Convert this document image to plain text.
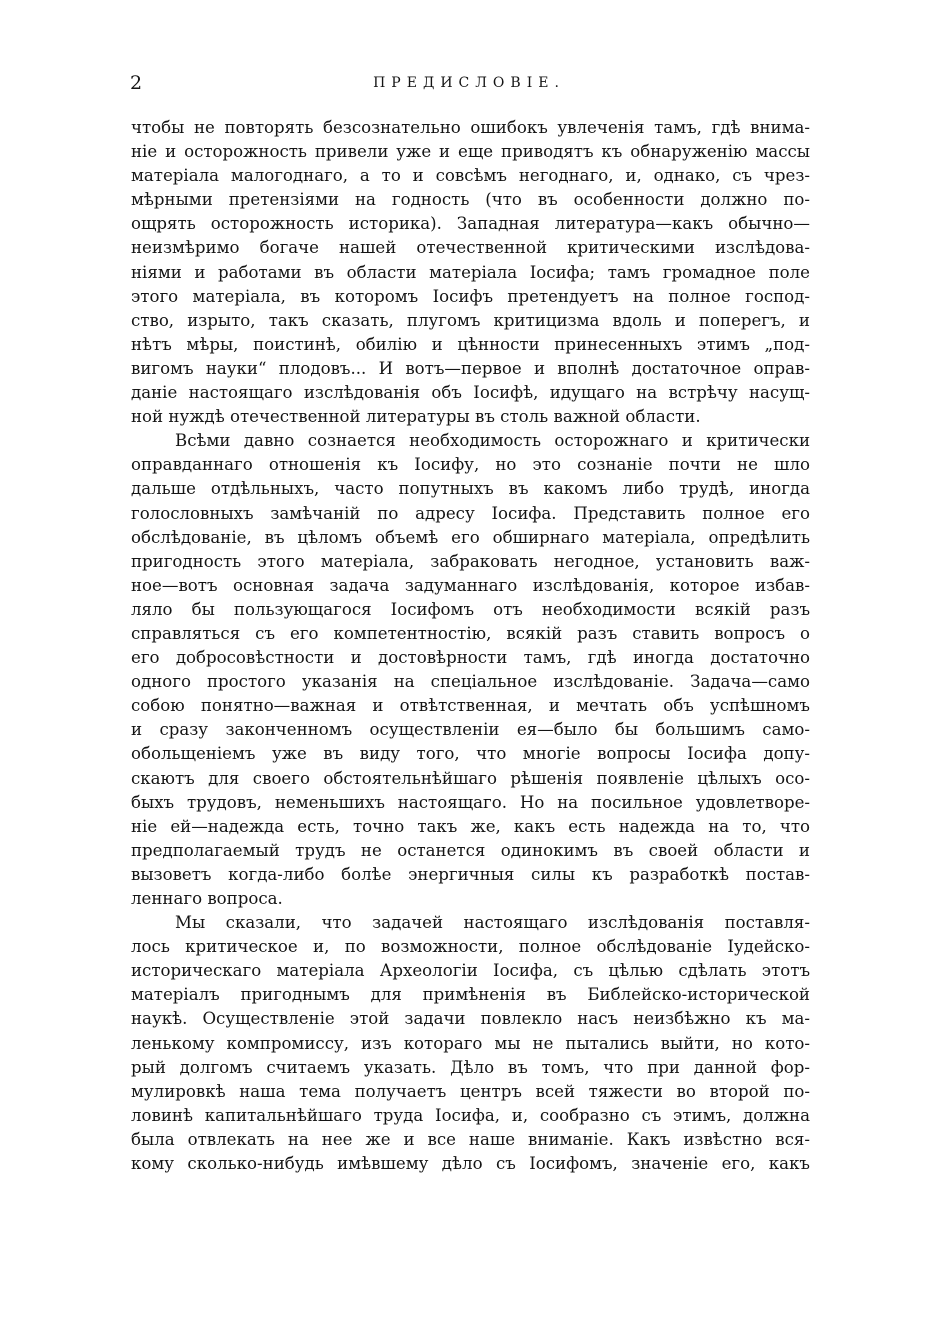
2	ПРЕДИСЛОВІЕ.
чтобы не повторять безсознательно ошибокъ увлеченія тамъ, гдѣ внима-
ніе и осторожность привели уже и еще приводятъ къ обнаруженію массы
матеріала малогоднаго, а то и совсѣмъ негоднаго, и, однако, съ чрез-
мѣрными претензіями на годность (что въ особенности должно по-
ощрять осторожность историка). Западная литература—какъ обычно—
неизмѣримо богаче нашей отечественной критическими изслѣдова-
ніями и работами въ области матеріала Іосифа; тамъ громадное поле
этого матеріала, въ которомъ Іосифъ претендуетъ на полное господ-
ство, изрыто, такъ сказать, плугомъ критицизма вдоль и поперегъ, и
нѣтъ мѣры, поистинѣ, обилію и цѣнности принесенныхъ этимъ „под-
вигомъ науки“ плодовъ... И вотъ—первое и вполнѣ достаточное оправ-
даніе настоящаго изслѣдованія объ Іосифѣ, идущаго на встрѣчу насущ-
ной нуждѣ отечественной литературы въ столь важной области.
Всѣми давно сознается необходимость осторожнаго и критически
оправданнаго отношенія къ Іосифу, но это сознаніе почти не шло
дальше отдѣльныхъ, часто попутныхъ въ какомъ либо трудѣ, иногда
голословныхъ замѣчаній по адресу Іосифа. Представить полное его
обслѣдованіе, въ цѣломъ объемѣ его обширнаго матеріала, опредѣлить
пригодность этого матеріала, забраковать негодное, установить важ-
ное—вотъ основная задача задуманнаго изслѣдованія, которое избав-
ляло бы пользующагося Іосифомъ отъ необходимости всякій разъ
справляться съ его компетентностію, всякій разъ ставить вопросъ о
его добросовѣстности и достовѣрности тамъ, гдѣ иногда достаточно
одного простого указанія на спеціальное изслѣдованіе. Задача—само
собою понятно—важная и отвѣтственная, и мечтать объ успѣшномъ
и сразу законченномъ осуществленіи ея—было бы большимъ само-
обольщеніемъ уже въ виду того, что многіе вопросы Іосифа допу-
скаютъ для своего обстоятельнѣйшаго рѣшенія появленіе цѣлыхъ осо-
быхъ трудовъ, неменьшихъ настоящаго. Но на посильное удовлетворе-
ніе ей—надежда есть, точно такъ же, какъ есть надежда на то, что
предполагаемый трудъ не останется одинокимъ въ своей области и
вызоветъ когда-либо болѣе энергичныя силы къ разработкѣ постав-
леннаго вопроса.
Мы сказали, что задачей настоящаго изслѣдованія поставля-
лось критическое и, по возможности, полное обслѣдованіе Іудейско-
историческаго матеріала Археологіи Іосифа, съ цѣлью сдѣлать этотъ
матеріалъ пригоднымъ для примѣненія въ Библейско-исторической
наукѣ. Осуществленіе этой задачи повлекло насъ неизбѣжно къ ма-
ленькому компромиссу, изъ котораго мы не пытались выйти, но кото-
рый долгомъ считаемъ указать. Дѣло въ томъ, что при данной фор-
мулировкѣ наша тема получаетъ центръ всей тяжести во второй по-
ловинѣ капитальнѣйшаго труда Іосифа, и, сообразно съ этимъ, должна
была отвлекать на нее же и все наше вниманіе. Какъ извѣстно вся-
кому сколько-нибудь имѣвшему дѣло съ Іосифомъ, значеніе его, какъ
